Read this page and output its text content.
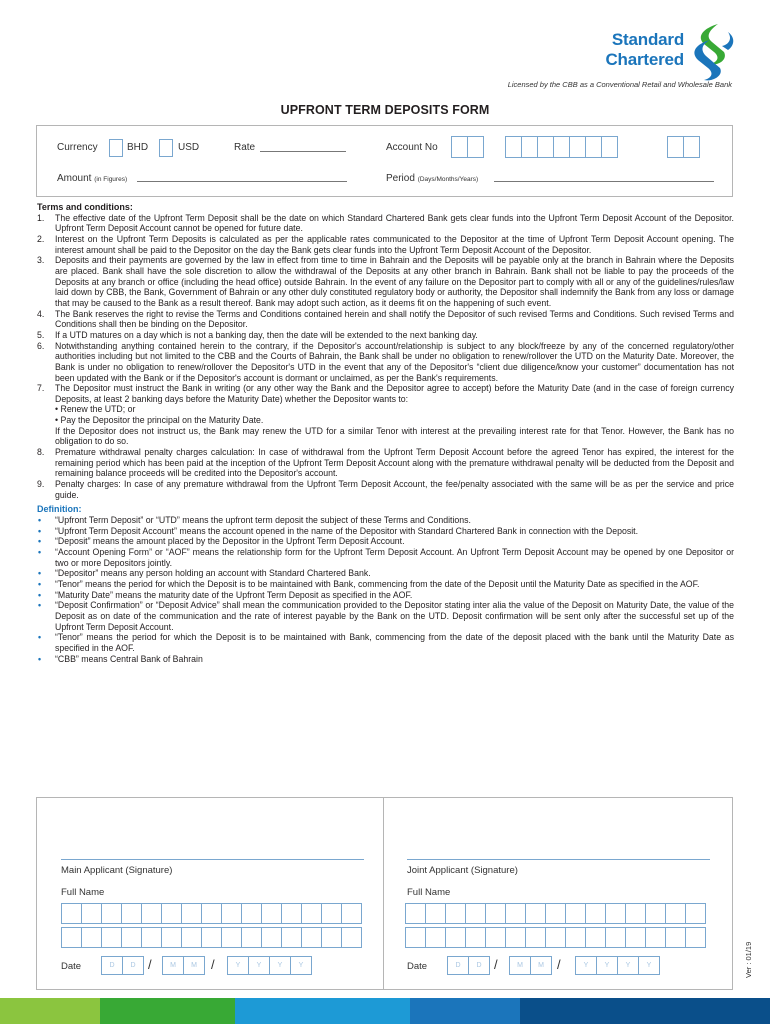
Standard
Chartered
Licensed by the CBB as a Conventional Retail and Wholesale Bank
UPFRONT TERM DEPOSITS FORM
Currency	BHD	USD	Rate	Account No
Amount (in Figures)	Period (Days/Months/Years)
Terms and conditions:
1. The effective date of the Upfront Term Deposit shall be the date on which Standard Chartered Bank gets clear funds into the Upfront Term Deposit Account of the Depositor. Upfront Term Deposit Account cannot be opened for future date.
2. Interest on the Upfront Term Deposits is calculated as per the applicable rates communicated to the Depositor at the time of Upfront Term Deposit Account opening. The interest amount shall be paid to the Depositor on the day the Bank gets clear funds into the Upfront Term Deposit Account of the Depositor.
3. Deposits and their payments are governed by the law in effect from time to time in Bahrain and the Deposits will be payable only at the branch in Bahrain where the Deposits are placed. Bank shall have the sole discretion to allow the withdrawal of the Deposits at any other branch in Bahrain. Bank shall not be liable to pay the proceeds of the Deposits at any branch or office (including the head office) outside Bahrain. In the event of any failure on the Depositor part to comply with all or any of the guidelines/rules/law laid down by CBB, the Bank, Government of Bahrain or any other duly constituted regulatory body or authority, the Depositor shall indemnify the Bank from any loss or damage that may be caused to the Bank as a result thereof. Bank may adopt such action, as it deems fit on the happening of such event.
4. The Bank reserves the right to revise the Terms and Conditions contained herein and shall notify the Depositor of such revised Terms and Conditions. Such revised Terms and Conditions shall then be binding on the Depositor.
5. If a UTD matures on a day which is not a banking day, then the date will be extended to the next banking day.
6. Notwithstanding anything contained herein to the contrary, if the Depositor's account/relationship is subject to any block/freeze by any of the concerned regulatory/other authorities including but not limited to the CBB and the Courts of Bahrain, the Bank shall be under no obligation to renew/rollover the UTD on the Maturity Date. Moreover, the Bank is under no obligation to renew/rollover the Depositor's UTD in the event that any of the Depositor's “client due diligence/know your customer” documentation has not been updated with the Bank or if the Depositor's account is dormant or unclaimed, as per the Bank's requirements.
7. The Depositor must instruct the Bank in writing (or any other way the Bank and the Depositor agree to accept) before the Maturity Date (and in the case of foreign currency Deposits, at least 2 banking days before the Maturity Date) whether the Depositor wants to:
• Renew the UTD; or
• Pay the Depositor the principal on the Maturity Date.
If the Depositor does not instruct us, the Bank may renew the UTD for a similar Tenor with interest at the prevailing interest rate for that Tenor. However, the Bank has no obligation to do so.
8. Premature withdrawal penalty charges calculation: In case of withdrawal from the Upfront Term Deposit Account before the agreed Tenor has expired, the interest for the remaining period which has been paid at the inception of the Upfront Term Deposit Account along with the premature withdrawal penalty will be deducted from the Deposit and remaining balance proceeds will be credited into the Depositor's account.
9. Penalty charges: In case of any premature withdrawal from the Upfront Term Deposit Account, the fee/penalty associated with the same will be as per the service and price guide.
Definition:
• “Upfront Term Deposit” or “UTD” means the upfront term deposit the subject of these Terms and Conditions.
• “Upfront Term Deposit Account” means the account opened in the name of the Depositor with Standard Chartered Bank in connection with the Deposit.
• “Deposit” means the amount placed by the Depositor in the Upfront Term Deposit Account.
• “Account Opening Form” or “AOF” means the relationship form for the Upfront Term Deposit Account. An Upfront Term Deposit Account may be opened by one Depositor or two or more Depositors jointly.
• “Depositor” means any person holding an account with Standard Chartered Bank.
• “Tenor” means the period for which the Deposit is to be maintained with Bank, commencing from the date of the Deposit until the Maturity Date as specified in the AOF.
• “Maturity Date” means the maturity date of the Upfront Term Deposit as specified in the AOF.
• “Deposit Confirmation” or “Deposit Advice” shall mean the communication provided to the Depositor stating inter alia the value of the Deposit on Maturity Date, the value of the Deposit as on date of the communication and the rate of interest payable by the Bank on the UTD. Deposit confirmation will be sent only after the successful set up of the Upfront Term Deposit Account.
• “Tenor” means the period for which the Deposit is to be maintained with Bank, commencing from the date of the deposit placed with the bank until the Maturity Date as specified in the AOF.
• “CBB” means Central Bank of Bahrain
Main Applicant (Signature)
Full Name
Date	D	D /	M	M	/	Y	Y	Y	Y
Joint Applicant (Signature)
Full Name
Date	D	D /	M	M	/	Y	Y	Y	Y	Ver : 01/19
